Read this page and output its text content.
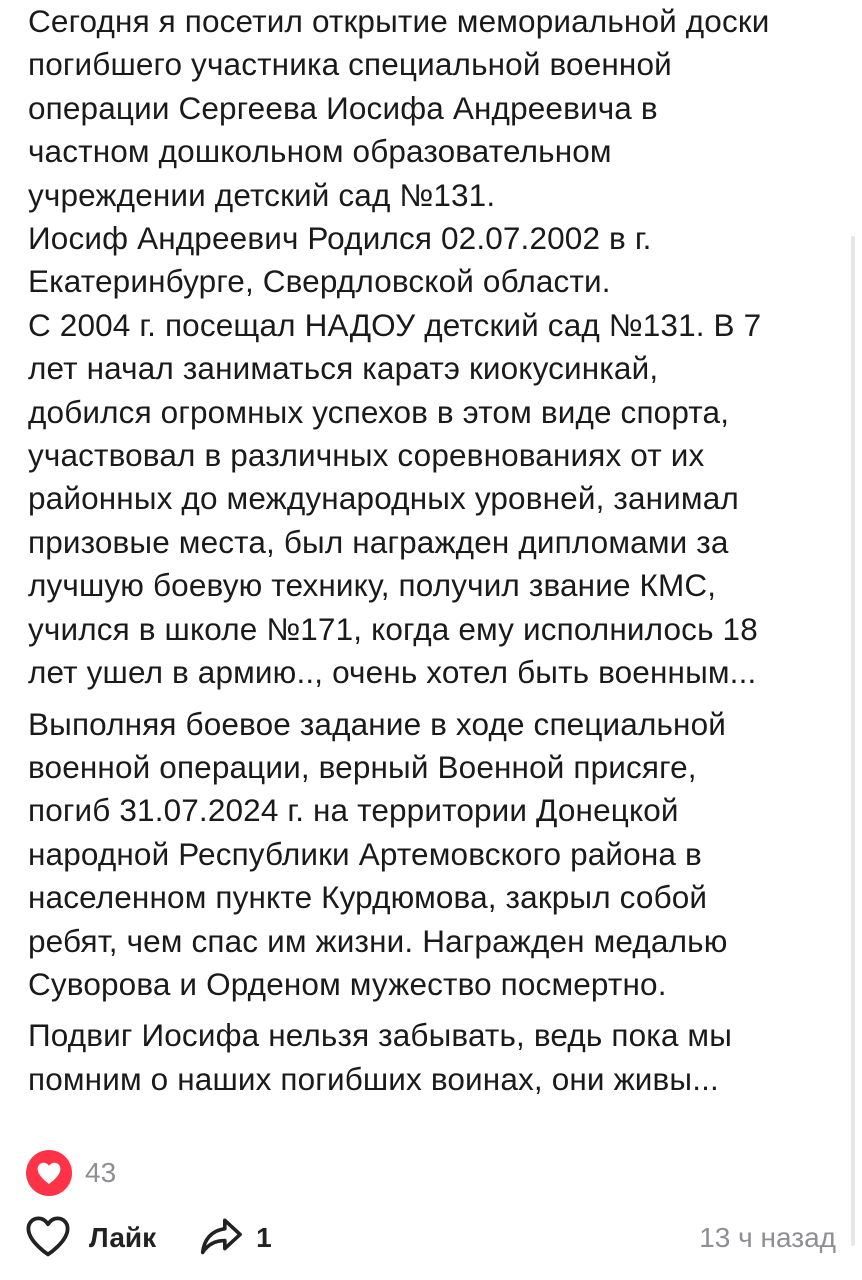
Сегодня я посетил открытие мемориальной доски
погибшего участника специальной военной
операции Сергеева Иосифа Андреевича в
частном дошкольном образовательном
учреждении детский сад №131.
Иосиф Андреевич Родился 02.07.2002 в г.
Екатеринбурге, Свердловской области.
С 2004 г. посещал НАДОУ детский сад №131. В 7
лет начал заниматься каратэ киокусинкай,
добился огромных успехов в этом виде спорта,
участвовал в различных соревнованиях от их
районных до международных уровней, занимал
призовые места, был награжден дипломами за
лучшую боевую технику, получил звание КМС,
учился в школе №171, когда ему исполнилось 18
лет ушел в армию.., очень хотел быть военным...

Выполняя боевое задание в ходе специальной
военной операции, верный Военной присяге,
погиб 31.07.2024 г. на территории Донецкой
народной Республики Артемовского района в
населенном пункте Курдюмова, закрыл собой
ребят, чем спас им жизни. Награжден медалью
Суворова и Орденом мужество посмертно.

Подвиг Иосифа нельзя забывать, ведь пока мы
помним о наших погибших воинах, они живы...

43
Лайк	1	13 ч назад
